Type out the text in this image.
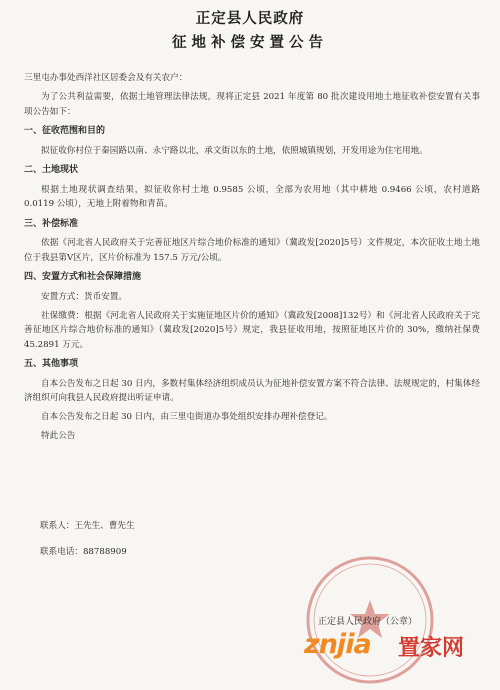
正定县人民政府
征地补偿安置公告

三里屯办事处西洋社区居委会及有关农户：

为了公共利益需要，依据土地管理法律法规，现将正定县 2021 年度第 80 批次建设用地土地征收补偿安置有关事项公告如下：

一、征收范围和目的

拟征收你村位于秦园路以南、永宁路以北，承文街以东的土地，依照城镇规划，开发用途为住宅用地。

二、土地现状

根据土地现状调查结果，拟征收你村土地 0.9585 公顷，全部为农用地（其中耕地 0.9466 公顷，农村道路 0.0119 公顷），无地上附着物和青苗。

三、补偿标准

依据《河北省人民政府关于完善征地区片综合地价标准的通知》（冀政发[2020]5号）文件规定，本次征收土地土地位于我县第V区片，区片价标准为 157.5 万元/公顷。

四、安置方式和社会保障措施

安置方式：货币安置。

社保缴费：根据《河北省人民政府关于实施征地区片价的通知》（冀政发[2008]132号）和《河北省人民政府关于完善征地区片综合地价标准的通知》（冀政发[2020]5号）规定，我县征收用地，按照征地区片价的 30%，缴纳社保费 45.2891 万元。

五、其他事项

自本公告发布之日起 30 日内，多数村集体经济组织成员认为征地补偿安置方案不符合法律、法规规定的，村集体经济组织可向我县人民政府提出听证申请。

自本公告发布之日起 30 日内，由三里屯街道办事处组织安排办理补偿登记。

特此公告

联系人：王先生、曹先生
联系电话：88788909
正定县人民政府（公章）
znjia 置家网
